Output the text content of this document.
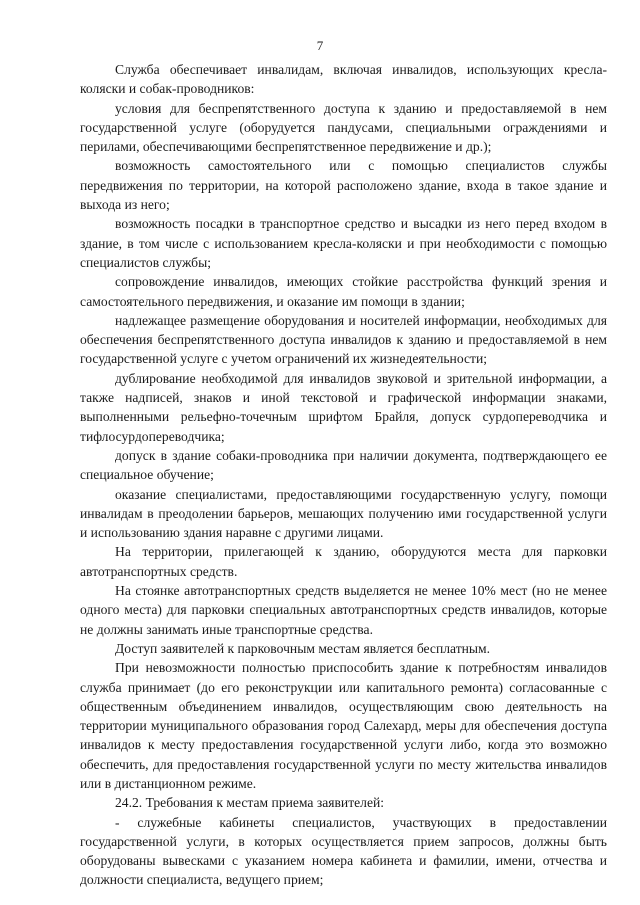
7

Служба обеспечивает инвалидам, включая инвалидов, использующих кресла-коляски и собак-проводников:

условия для беспрепятственного доступа к зданию и предоставляемой в нем государственной услуге (оборудуется пандусами, специальными ограждениями и перилами, обеспечивающими беспрепятственное передвижение и др.);

возможность самостоятельного или с помощью специалистов службы передвижения по территории, на которой расположено здание, входа в такое здание и выхода из него;

возможность посадки в транспортное средство и высадки из него перед входом в здание, в том числе с использованием кресла-коляски и при необходимости с помощью специалистов службы;

сопровождение инвалидов, имеющих стойкие расстройства функций зрения и самостоятельного передвижения, и оказание им помощи в здании;

надлежащее размещение оборудования и носителей информации, необходимых для обеспечения беспрепятственного доступа инвалидов к зданию и предоставляемой в нем государственной услуге с учетом ограничений их жизнедеятельности;

дублирование необходимой для инвалидов звуковой и зрительной информации, а также надписей, знаков и иной текстовой и графической информации знаками, выполненными рельефно-точечным шрифтом Брайля, допуск сурдопереводчика и тифлосурдопереводчика;

допуск в здание собаки-проводника при наличии документа, подтверждающего ее специальное обучение;

оказание специалистами, предоставляющими государственную услугу, помощи инвалидам в преодолении барьеров, мешающих получению ими государственной услуги и использованию здания наравне с другими лицами.

На территории, прилегающей к зданию, оборудуются места для парковки автотранспортных средств.

На стоянке автотранспортных средств выделяется не менее 10% мест (но не менее одного места) для парковки специальных автотранспортных средств инвалидов, которые не должны занимать иные транспортные средства.

Доступ заявителей к парковочным местам является бесплатным.

При невозможности полностью приспособить здание к потребностям инвалидов служба принимает (до его реконструкции или капитального ремонта) согласованные с общественным объединением инвалидов, осуществляющим свою деятельность на территории муниципального образования город Салехард, меры для обеспечения доступа инвалидов к месту предоставления государственной услуги либо, когда это возможно обеспечить, для предоставления государственной услуги по месту жительства инвалидов или в дистанционном режиме.

24.2. Требования к местам приема заявителей:

- служебные кабинеты специалистов, участвующих в предоставлении государственной услуги, в которых осуществляется прием запросов, должны быть оборудованы вывесками с указанием номера кабинета и фамилии, имени, отчества и должности специалиста, ведущего прием;
